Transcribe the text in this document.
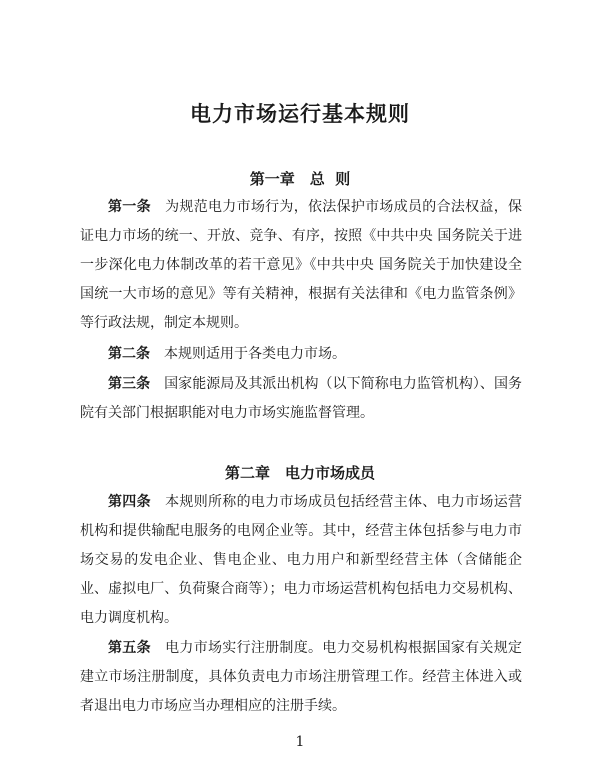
电力市场运行基本规则
第一章　总  则

第一条  为规范电力市场行为，依法保护市场成员的合法权益，保证电力市场的统一、开放、竞争、有序，按照《中共中央 国务院关于进一步深化电力体制改革的若干意见》《中共中央 国务院关于加快建设全国统一大市场的意见》等有关精神，根据有关法律和《电力监管条例》等行政法规，制定本规则。

第二条  本规则适用于各类电力市场。

第三条  国家能源局及其派出机构（以下简称电力监管机构）、国务院有关部门根据职能对电力市场实施监督管理。

第二章　电力市场成员

第四条  本规则所称的电力市场成员包括经营主体、电力市场运营机构和提供输配电服务的电网企业等。其中，经营主体包括参与电力市场交易的发电企业、售电企业、电力用户和新型经营主体（含储能企业、虚拟电厂、负荷聚合商等）；电力市场运营机构包括电力交易机构、电力调度机构。

第五条  电力市场实行注册制度。电力交易机构根据国家有关规定建立市场注册制度，具体负责电力市场注册管理工作。经营主体进入或者退出电力市场应当办理相应的注册手续。

1
